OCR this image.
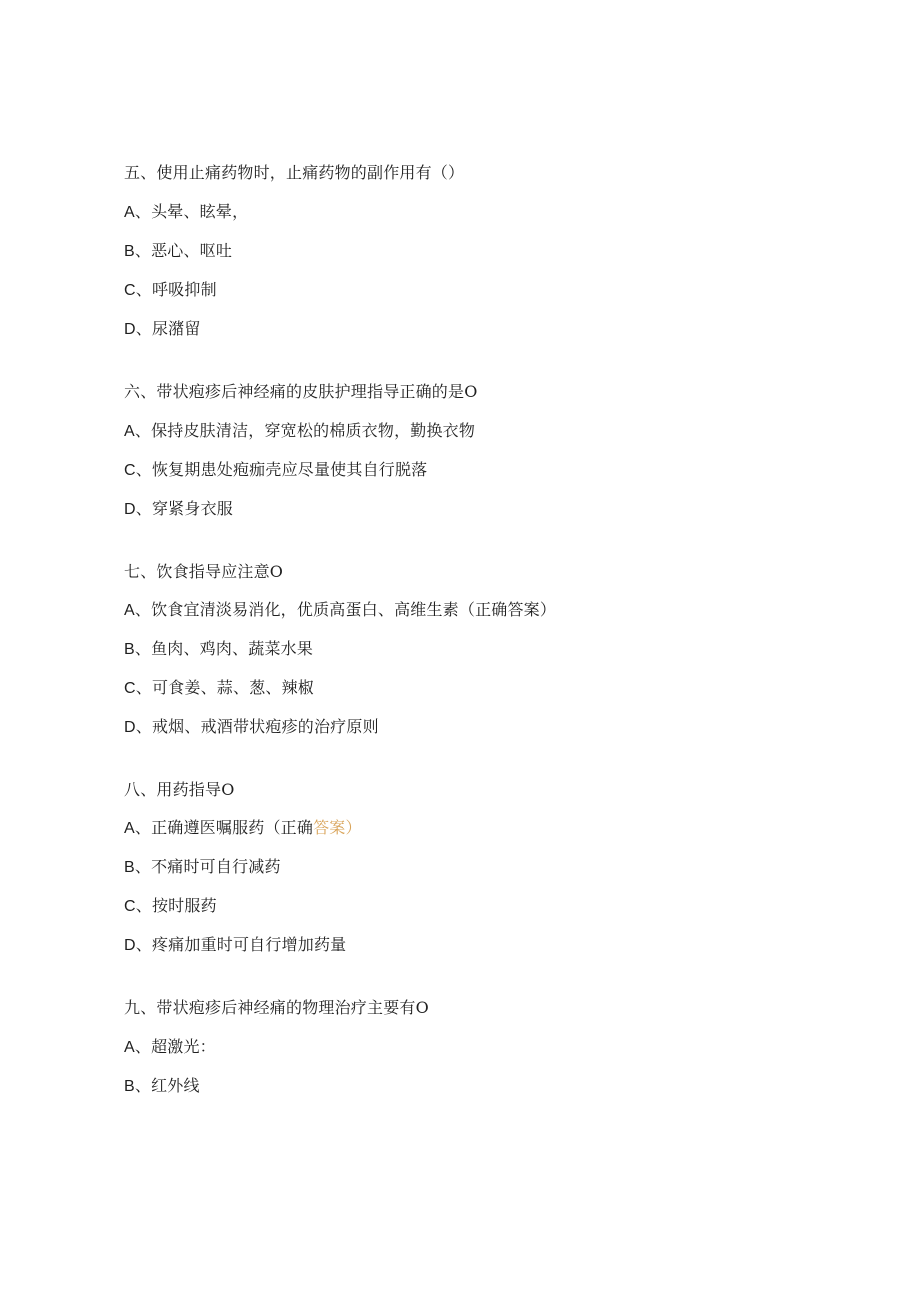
五、使用止痛药物时，止痛药物的副作用有（）
A、头晕、眩晕，
B、恶心、呕吐
C、呼吸抑制
D、尿潴留
六、带状疱疹后神经痛的皮肤护理指导正确的是O
A、保持皮肤清洁，穿宽松的棉质衣物，勤换衣物
C、恢复期患处疱痂壳应尽量使其自行脱落
D、穿紧身衣服
七、饮食指导应注意O
A、饮食宜清淡易消化，优质高蛋白、高维生素（正确答案）
B、鱼肉、鸡肉、蔬菜水果
C、可食姜、蒜、葱、辣椒
D、戒烟、戒酒带状疱疹的治疗原则
八、用药指导O
A、正确遵医嘱服药（正确答案）
B、不痛时可自行减药
C、按时服药
D、疼痛加重时可自行增加药量
九、带状疱疹后神经痛的物理治疗主要有O
A、超激光：
B、红外线
